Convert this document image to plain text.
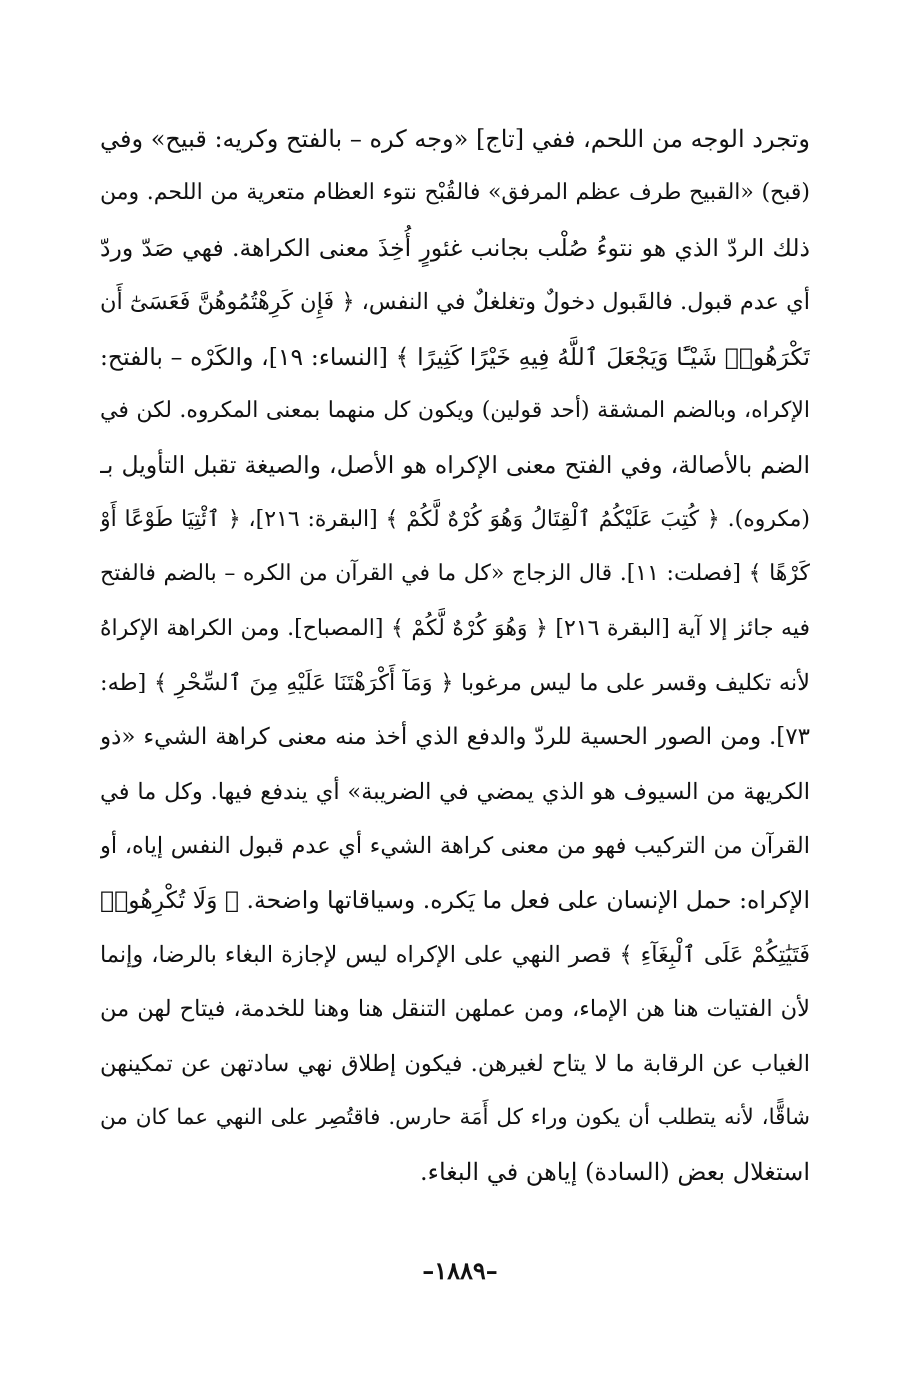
وتجرد الوجه من اللحم، ففي [تاج] «وجه كره – بالفتح وكريه: قبيح» وفي
(قبح) «القبيح طرف عظم المرفق» فالقُبْح نتوء العظام متعرية من اللحم. ومن
ذلك الردّ الذي هو نتوءُ صُلْب بجانب غئورٍ أُخِذَ معنى الكراهة. فهي صَدّ وردّ
أي عدم قبول. فالقَبول دخولٌ وتغلغلٌ في النفس، ﴿ فَإِن كَرِهْتُمُوهُنَّ فَعَسَىٰٓ أَن
تَكْرَهُوا۟ شَيْـًٔا وَيَجْعَلَ ٱللَّهُ فِيهِ خَيْرًا كَثِيرًا ﴾ [النساء: ١٩]، والكَرْه – بالفتح:
الإكراه، وبالضم المشقة (أحد قولين) ويكون كل منهما بمعنى المكروه. لكن في
الضم بالأصالة، وفي الفتح معنى الإكراه هو الأصل، والصيغة تقبل التأويل بـ
(مكروه). ﴿ كُتِبَ عَلَيْكُمُ ٱلْقِتَالُ وَهُوَ كُرْهٌ لَّكُمْ ﴾ [البقرة: ٢١٦]، ﴿ ٱئْتِيَا طَوْعًا أَوْ
كَرْهًا ﴾ [فصلت: ١١]. قال الزجاج «كل ما في القرآن من الكره – بالضم فالفتح
فيه جائز إلا آية [البقرة ٢١٦] ﴿ وَهُوَ كُرْهٌ لَّكُمْ ﴾ [المصباح]. ومن الكراهة الإكراهُ
لأنه تكليف وقسر على ما ليس مرغوبا ﴿ وَمَآ أَكْرَهْتَنَا عَلَيْهِ مِنَ ٱلسِّحْرِ ﴾ [طه:
٧٣]. ومن الصور الحسية للردّ والدفع الذي أخذ منه معنى كراهة الشيء «ذو
الكريهة من السيوف هو الذي يمضي في الضريبة» أي يندفع فيها. وكل ما في
القرآن من التركيب فهو من معنى كراهة الشيء أي عدم قبول النفس إياه، أو
الإكراه: حمل الإنسان على فعل ما يَكره. وسياقاتها واضحة. ﴿ وَلَا تُكْرِهُوا۟
فَتَيَٰتِكُمْ عَلَى ٱلْبِغَآءِ ﴾ قصر النهي على الإكراه ليس لإجازة البغاء بالرضا، وإنما
لأن الفتيات هنا هن الإماء، ومن عملهن التنقل هنا وهنا للخدمة، فيتاح لهن من
الغياب عن الرقابة ما لا يتاح لغيرهن. فيكون إطلاق نهي سادتهن عن تمكينهن
شاقًّا، لأنه يتطلب أن يكون وراء كل أَمَة حارس. فاقتُصِر على النهي عما كان من
استغلال بعض (السادة) إياهن في البغاء.
–١٨٨٩–
